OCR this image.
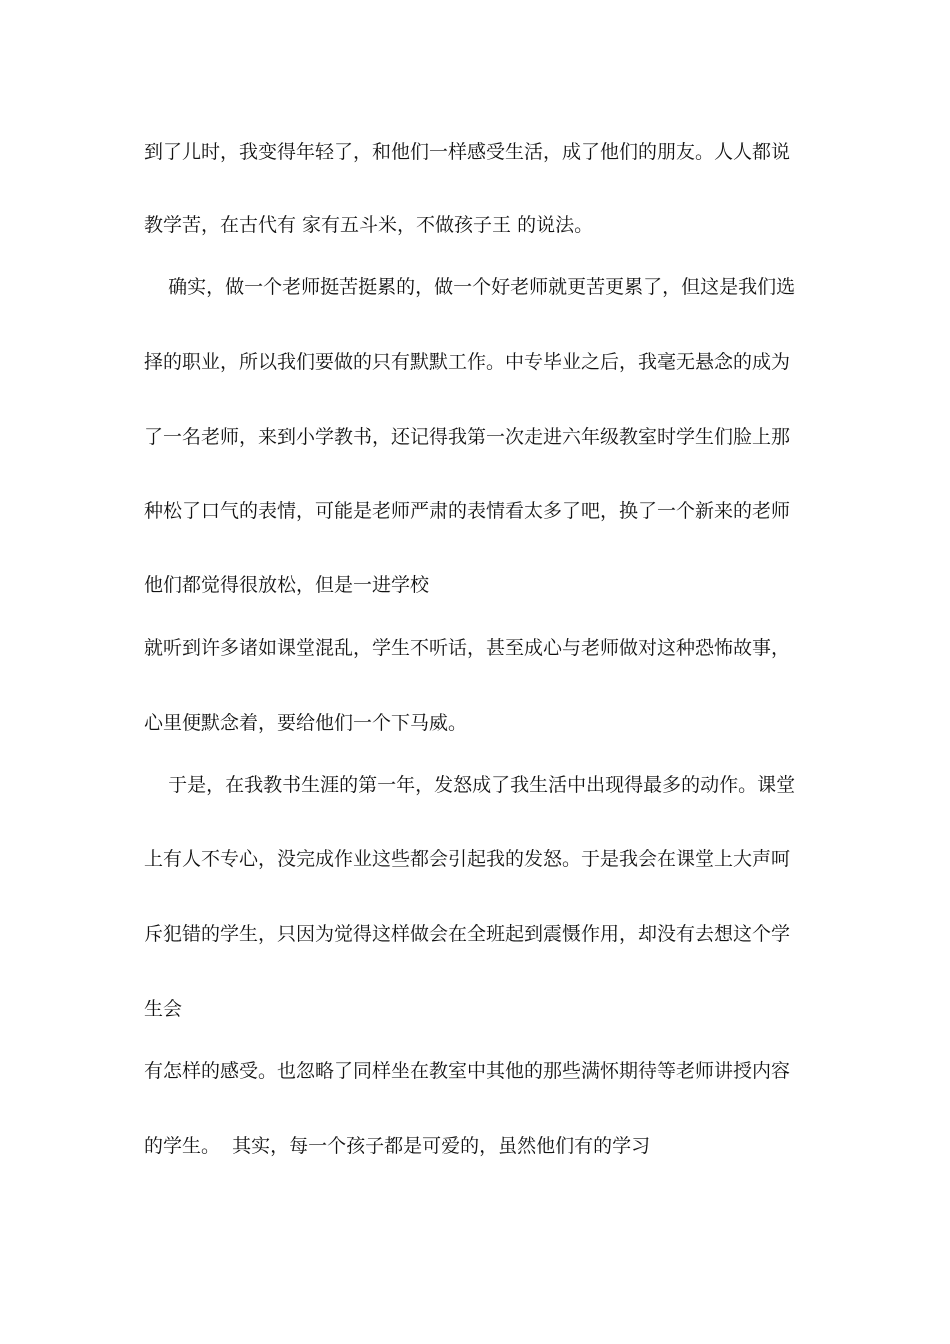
到了儿时，我变得年轻了，和他们一样感受生活，成了他们的朋友。人人都说
教学苦，在古代有 家有五斗米，不做孩子王 的说法。
确实，做一个老师挺苦挺累的，做一个好老师就更苦更累了，但这是我们选
择的职业，所以我们要做的只有默默工作。中专毕业之后，我毫无悬念的成为
了一名老师，来到小学教书，还记得我第一次走进六年级教室时学生们脸上那
种松了口气的表情，可能是老师严肃的表情看太多了吧，换了一个新来的老师
他们都觉得很放松，但是一进学校
就听到许多诸如课堂混乱，学生不听话，甚至成心与老师做对这种恐怖故事，
心里便默念着，要给他们一个下马威。
于是，在我教书生涯的第一年，发怒成了我生活中出现得最多的动作。课堂
上有人不专心，没完成作业这些都会引起我的发怒。于是我会在课堂上大声呵
斥犯错的学生，只因为觉得这样做会在全班起到震慑作用，却没有去想这个学
生会
有怎样的感受。也忽略了同样坐在教室中其他的那些满怀期待等老师讲授内容
的学生。  其实，每一个孩子都是可爱的，虽然他们有的学习
